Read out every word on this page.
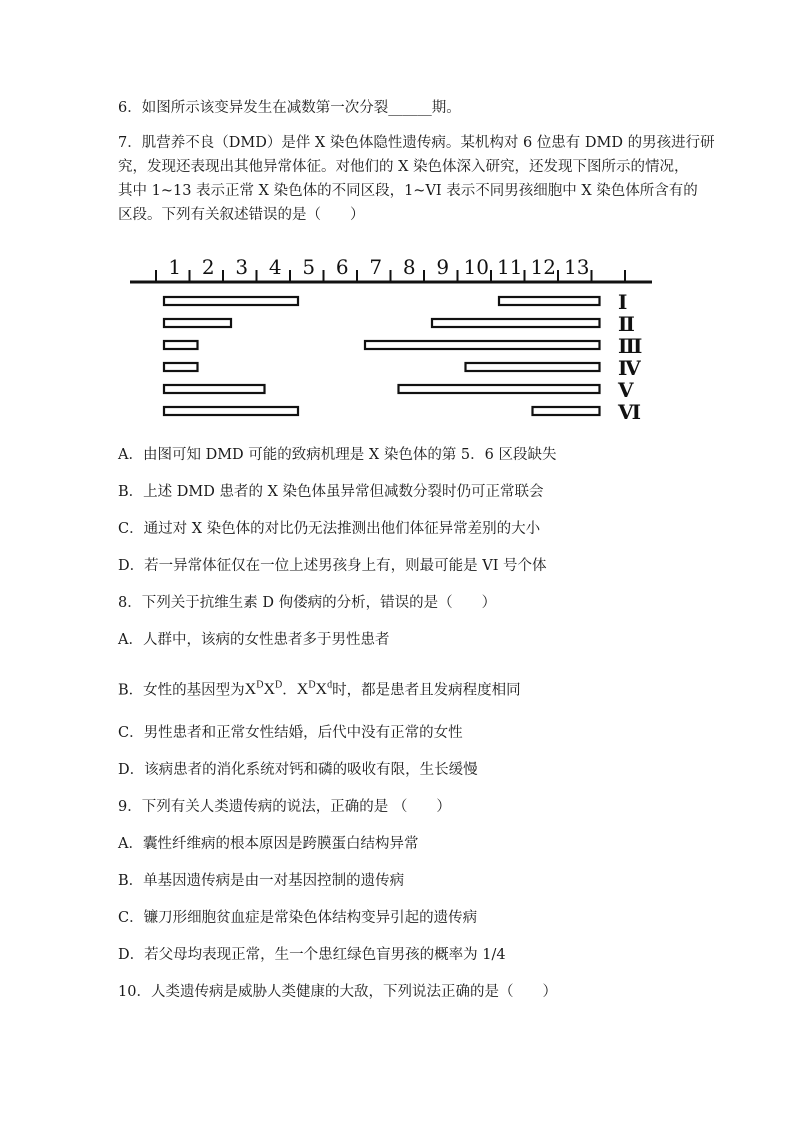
6．如图所示该变异发生在减数第一次分裂______期。
7．肌营养不良（DMD）是伴 X 染色体隐性遗传病。某机构对 6 位患有 DMD 的男孩进行研
究，发现还表现出其他异常体征。对他们的 X 染色体深入研究，还发现下图所示的情况，
其中 1~13 表示正常 X 染色体的不同区段，1~VI 表示不同男孩细胞中 X 染色体所含有的
区段。下列有关叙述错误的是（　　）
1 2 3 4 5 6 7 8 9 10 11 12 13
Ⅰ
Ⅱ
Ⅲ
Ⅳ
Ⅴ
Ⅵ
A．由图可知 DMD 可能的致病机理是 X 染色体的第 5．6 区段缺失
B．上述 DMD 患者的 X 染色体虽异常但减数分裂时仍可正常联会
C．通过对 X 染色体的对比仍无法推测出他们体征异常差别的大小
D．若一异常体征仅在一位上述男孩身上有，则最可能是 VI 号个体
8．下列关于抗维生素 D 佝偻病的分析，错误的是（　　）
A．人群中，该病的女性患者多于男性患者
B．女性的基因型为$X^DX^D$．$X^DX^d$时，都是患者且发病程度相同
C．男性患者和正常女性结婚，后代中没有正常的女性
D．该病患者的消化系统对钙和磷的吸收有限，生长缓慢
9．下列有关人类遗传病的说法，正确的是 （　　）
A．囊性纤维病的根本原因是跨膜蛋白结构异常
B．单基因遗传病是由一对基因控制的遗传病
C．镰刀形细胞贫血症是常染色体结构变异引起的遗传病
D．若父母均表现正常，生一个患红绿色盲男孩的概率为 1/4
10．人类遗传病是威胁人类健康的大敌，下列说法正确的是（　　）
